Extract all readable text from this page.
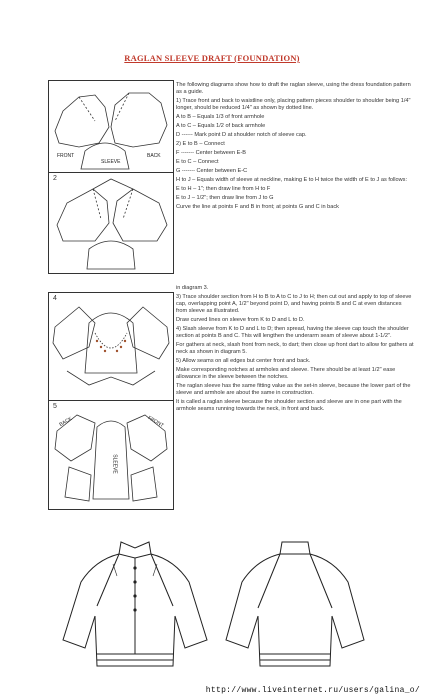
RAGLAN SLEEVE DRAFT (FOUNDATION)
FRONT	BACK
SLEEVE
2
4
5
BACK	FRONT
SLEEVE

The following diagrams show how to draft the raglan sleeve, using the dress foundation pattern as a guide.

1) Trace front and back to waistline only, placing pattern pieces shoulder to shoulder being 1/4" longer, should be reduced 1/4" as shown by dotted line.

A to B – Equals 1/3 of front armhole

A to C – Equals 1/2 of back armhole

D ------ Mark point D at shoulder notch of sleeve cap.

2) E to B – Connect

F ------- Center between E-B

E to C – Connect

G ------- Center between E-C

H to J – Equals width of sleeve at neckline, making E to H twice the width of E to J as follows:

E to H – 1"; then draw line from H to F

E to J – 1/2"; then draw line from J to G

Curve the line at points F and B in front; at points G and C in back

in diagram 3.

3) Trace shoulder section from H to B to A to C to J to H; then cut out and apply to top of sleeve cap, overlapping point A, 1/2" beyond point D, and having points B and C at even distances from sleeve as illustrated.

Draw curved lines on sleeve from K to D and L to D.

4) Slash sleeve from K to D and L to D; then spread, having the sleeve cap touch the shoulder section at points B and C. This will lengthen the underarm seam of sleeve about 1-1/2".

For gathers at neck, slash front from neck, to dart; then close up front dart to allow for gathers at neck as shown in diagram 5.

5) Allow seams on all edges but center front and back.

Make corresponding notches at armholes and sleeve. There should be at least 1/2" ease allowance in the sleeve between the notches.

The raglan sleeve has the same fitting value as the set-in sleeve, because the lower part of the sleeve and armhole are about the same in construction.

It is called a raglan sleeve because the shoulder section and sleeve are in one part with the armhole seams running towards the neck, in front and back.

http://www.liveinternet.ru/users/galina_o/
